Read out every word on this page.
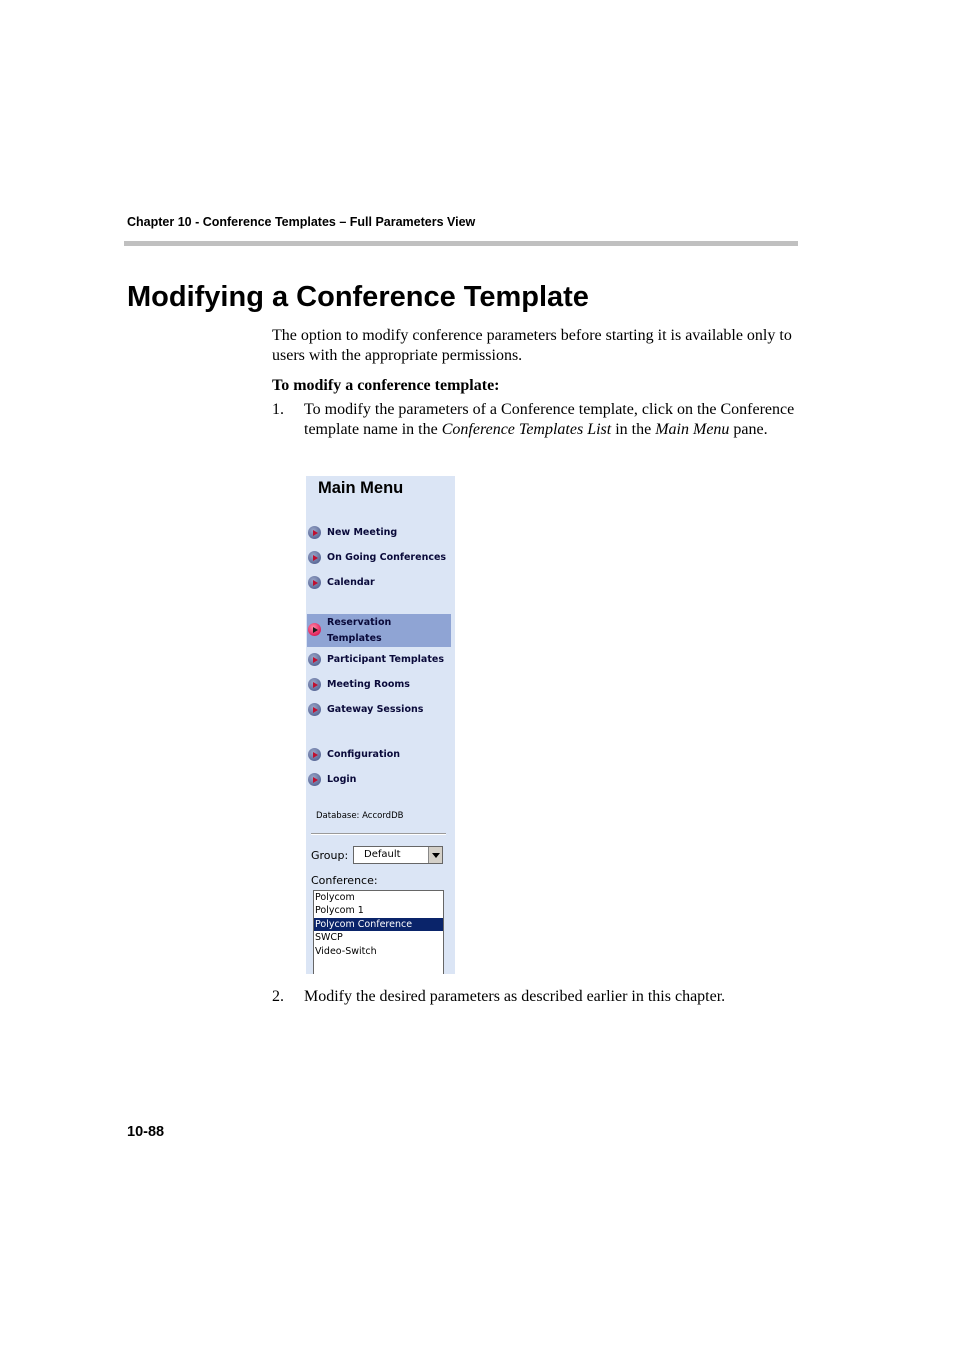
Chapter 10 - Conference Templates – Full Parameters View
Modifying a Conference Template
The option to modify conference parameters before starting it is available only to users with the appropriate permissions.
To modify a conference template:
1. To modify the parameters of a Conference template, click on the Conference template name in the Conference Templates List in the Main Menu pane.
Main Menu
New Meeting
On Going Conferences
Calendar
Reservation Templates
Participant Templates
Meeting Rooms
Gateway Sessions
Configuration
Login
Database: AccordDB
Group: Default
Conference:
Polycom
Polycom 1
Polycom Conference
SWCP
Video-Switch
2. Modify the desired parameters as described earlier in this chapter.
10-88
